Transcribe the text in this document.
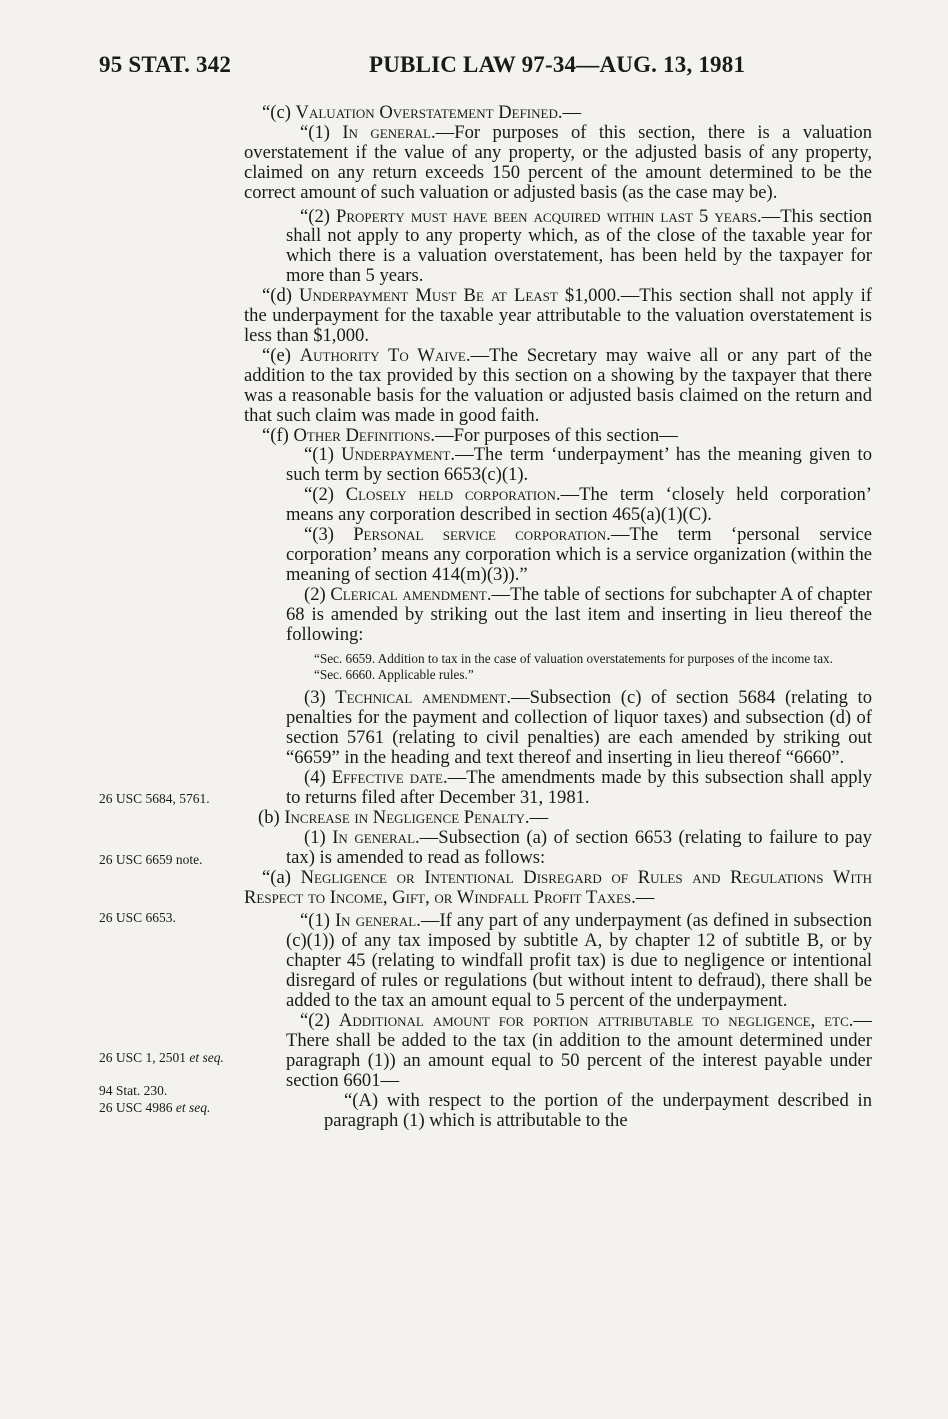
95 STAT. 342	PUBLIC LAW 97-34—AUG. 13, 1981
26 USC 5684, 5761.
26 USC 6659 note.
26 USC 6653.
26 USC 1, 2501 et seq.
94 Stat. 230.
26 USC 4986 et seq.

“(c) Valuation Overstatement Defined.—

“(1) In general.—For purposes of this section, there is a valuation overstatement if the value of any property, or the adjusted basis of any property, claimed on any return exceeds 150 percent of the amount determined to be the correct amount of such valuation or adjusted basis (as the case may be).

“(2) Property must have been acquired within last 5 years.—This section shall not apply to any property which, as of the close of the taxable year for which there is a valuation overstatement, has been held by the taxpayer for more than 5 years.

“(d) Underpayment Must Be at Least $1,000.—This section shall not apply if the underpayment for the taxable year attributable to the valuation overstatement is less than $1,000.

“(e) Authority To Waive.—The Secretary may waive all or any part of the addition to the tax provided by this section on a showing by the taxpayer that there was a reasonable basis for the valuation or adjusted basis claimed on the return and that such claim was made in good faith.

“(f) Other Definitions.—For purposes of this section—

“(1) Underpayment.—The term ‘underpayment’ has the meaning given to such term by section 6653(c)(1).

“(2) Closely held corporation.—The term ‘closely held corporation’ means any corporation described in section 465(a)(1)(C).

“(3) Personal service corporation.—The term ‘personal service corporation’ means any corporation which is a service organization (within the meaning of section 414(m)(3)).”

(2) Clerical amendment.—The table of sections for subchapter A of chapter 68 is amended by striking out the last item and inserting in lieu thereof the following:

“Sec. 6659. Addition to tax in the case of valuation overstatements for purposes of the income tax.

“Sec. 6660. Applicable rules.”

(3) Technical amendment.—Subsection (c) of section 5684 (relating to penalties for the payment and collection of liquor taxes) and subsection (d) of section 5761 (relating to civil penalties) are each amended by striking out “6659” in the heading and text thereof and inserting in lieu thereof “6660”.

(4) Effective date.—The amendments made by this subsection shall apply to returns filed after December 31, 1981.

(b) Increase in Negligence Penalty.—

(1) In general.—Subsection (a) of section 6653 (relating to failure to pay tax) is amended to read as follows:

“(a) Negligence or Intentional Disregard of Rules and Regulations With Respect to Income, Gift, or Windfall Profit Taxes.—

“(1) In general.—If any part of any underpayment (as defined in subsection (c)(1)) of any tax imposed by subtitle A, by chapter 12 of subtitle B, or by chapter 45 (relating to windfall profit tax) is due to negligence or intentional disregard of rules or regulations (but without intent to defraud), there shall be added to the tax an amount equal to 5 percent of the underpayment.

“(2) Additional amount for portion attributable to negligence, etc.—There shall be added to the tax (in addition to the amount determined under paragraph (1)) an amount equal to 50 percent of the interest payable under section 6601—

“(A) with respect to the portion of the underpayment described in paragraph (1) which is attributable to the
